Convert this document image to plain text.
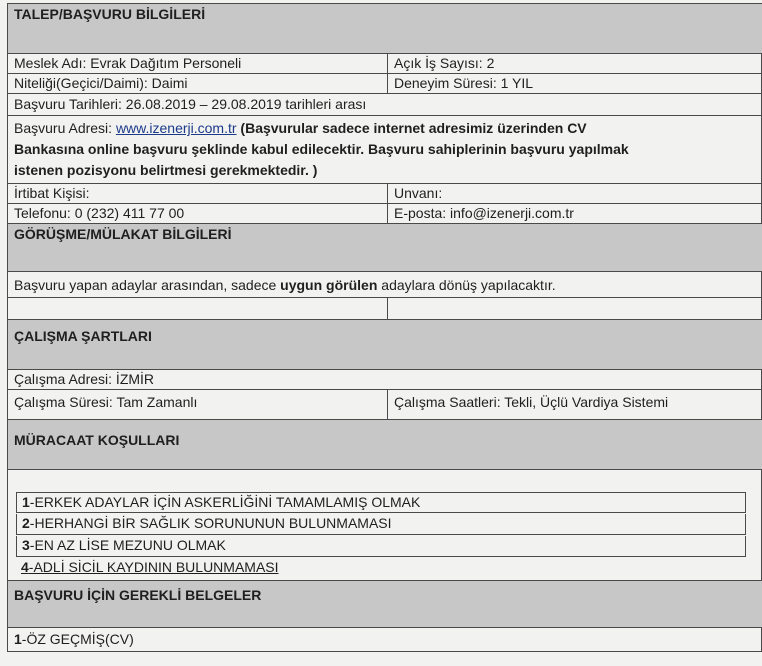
TALEP/BAŞVURU BİLGİLERİ
Meslek Adı: Evrak Dağıtım Personeli	Açık İş Sayısı: 2
Niteliği(Geçici/Daimi): Daimi	Deneyim Süresi: 1 YIL
Başvuru Tarihleri: 26.08.2019 – 29.08.2019 tarihleri arası
Başvuru Adresi: www.izenerji.com.tr (Başvurular sadece internet adresimiz üzerinden CV
Bankasına online başvuru şeklinde kabul edilecektir. Başvuru sahiplerinin başvuru yapılmak
istenen pozisyonu belirtmesi gerekmektedir. )
İrtibat Kişisi:	Unvanı:
Telefonu: 0 (232) 411 77 00	E-posta: info@izenerji.com.tr
GÖRÜŞME/MÜLAKAT BİLGİLERİ
Başvuru yapan adaylar arasından, sadece uygun görülen adaylara dönüş yapılacaktır.
ÇALIŞMA ŞARTLARI
Çalışma Adresi: İZMİR
Çalışma Süresi: Tam Zamanlı	Çalışma Saatleri: Tekli, Üçlü Vardiya Sistemi
MÜRACAAT KOŞULLARI
1-ERKEK ADAYLAR İÇİN ASKERLİĞİNİ TAMAMLAMIŞ OLMAK
2-HERHANGİ BİR SAĞLIK SORUNUNUN BULUNMAMASI
3-EN AZ LİSE MEZUNU OLMAK
4-ADLİ SİCİL KAYDININ BULUNMAMASI
BAŞVURU İÇİN GEREKLİ BELGELER
1-ÖZ GEÇMİŞ(CV)
